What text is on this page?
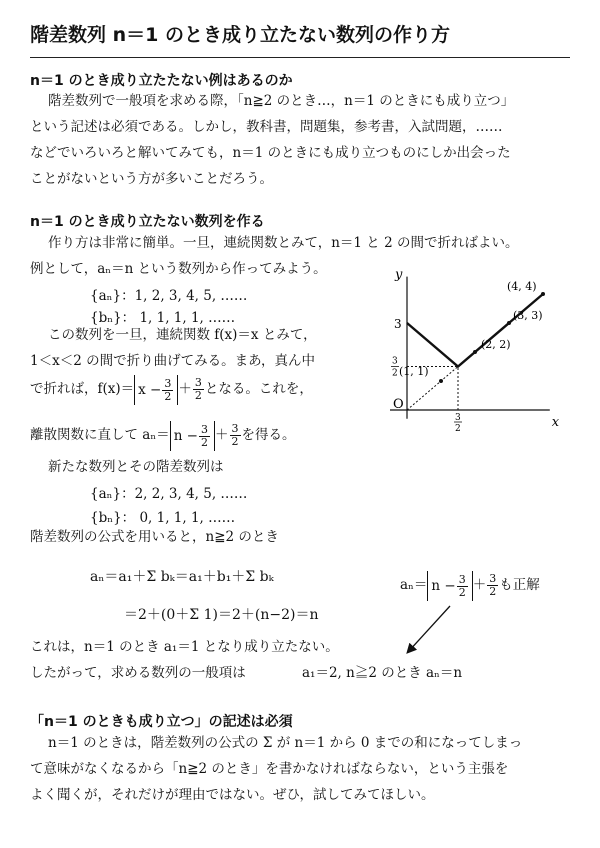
階差数列 n＝1 のとき成り立たない数列の作り方
n＝1 のとき成り立たたない例はあるのか
階差数列で一般項を求める際，「n≧2 のとき…，n＝1 のときにも成り立つ」
という記述は必須である。しかし，教科書，問題集，参考書，入試問題，……
などでいろいろと解いてみても，n＝1 のときにも成り立つものにしか出会った
ことがないという方が多いことだろう。
n＝1 のとき成り立たない数列を作る
作り方は非常に簡単。一旦，連続関数とみて，n＝1 と 2 の間で折ればよい。
例として，aₙ＝n という数列から作ってみよう。
{aₙ}：1, 2, 3, 4, 5, ……
{bₙ}： 1, 1, 1, 1, ……
この数列を一旦，連続関数 f(x)＝x とみて，
1＜x＜2 の間で折り曲げてみる。まあ，真ん中
で折れば，$f(x)= x - \frac{3}{2} + \frac{3}{2}$ となる。これを，
離散関数に直して $a_n= n - \frac{3}{2} + \frac{3}{2}$ を得る。
新たな数列とその階差数列は
{aₙ}：2, 2, 3, 4, 5, ……
{bₙ}： 0, 1, 1, 1, ……
階差数列の公式を用いると，n≧2 のとき
aₙ＝a₁＋Σ bₖ＝a₁＋b₁＋Σ bₖ
＝2＋(0＋Σ 1)＝2＋(n−2)＝n
$a_n= n - \frac{3}{2} + \frac{3}{2}$ も正解
これは，n＝1 のとき a₁＝1 となり成り立たない。
したがって，求める数列の一般項は	a₁＝2, n≧2 のとき aₙ＝n
「n＝1 のときも成り立つ」の記述は必須
n＝1 のときは，階差数列の公式の Σ が n＝1 から 0 までの和になってしまっ
て意味がなくなるから「n≧2 のとき」を書かなければならない，という主張を
よく聞くが，それだけが理由ではない。ぜひ，試してみてほしい。
x
y
O
3
3
2
3
2
(1, 1)
(2, 2)
(3, 3)
(4, 4)
